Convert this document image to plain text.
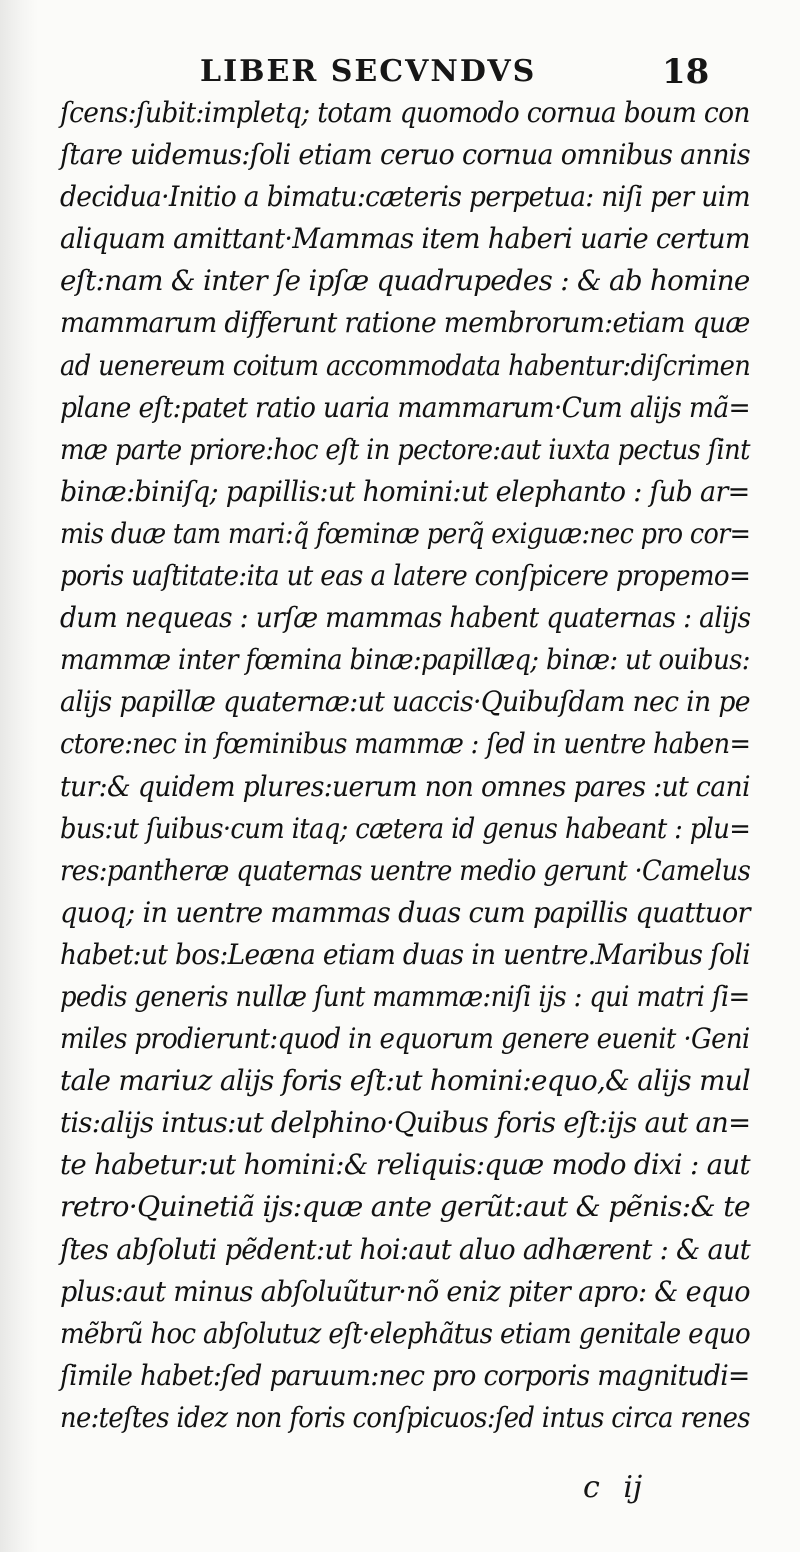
LIBER SECVNDVS	18
ſcens:ſubit:impletq; totam quomodo cornua boum con
ſtare uidemus:ſoli etiam ceruo cornua omnibus annis
decidua·Initio a bimatu:cæteris perpetua: niſi per uim
aliquam amittant·Mammas item haberi uarie certum
eſt:nam & inter ſe ipſæ quadrupedes : & ab homine
mammarum differunt ratione membrorum:etiam quæ
ad uenereum coitum accommodata habentur:diſcrimen
plane eſt:patet ratio uaria mammarum·Cum alijs mã=
mæ parte priore:hoc eſt in pectore:aut iuxta pectus ſint
binæ:biniſq; papillis:ut homini:ut elephanto : ſub ar=
mis duæ tam mari:q̃ fœminæ perq̃ exiguæ:nec pro cor=
poris uaſtitate:ita ut eas a latere conſpicere propemo=
dum nequeas : urſæ mammas habent quaternas : alijs
mammæ inter fœmina binæ:papillæq; binæ: ut ouibus:
alijs papillæ quaternæ:ut uaccis·Quibuſdam nec in pe
ctore:nec in fœminibus mammæ : ſed in uentre haben=
tur:& quidem plures:uerum non omnes pares :ut cani
bus:ut ſuibus·cum itaq; cætera id genus habeant : plu=
res:pantheræ quaternas uentre medio gerunt ·Camelus
quoq; in uentre mammas duas cum papillis quattuor
habet:ut bos:Leæna etiam duas in uentre.Maribus ſoli
pedis generis nullæ ſunt mammæ:niſi ijs : qui matri ſi=
miles prodierunt:quod in equorum genere euenit ·Geni
tale mariuz alijs foris eſt:ut homini:equo,& alijs mul
tis:alijs intus:ut delphino·Quibus foris eſt:ijs aut an=
te habetur:ut homini:& reliquis:quæ modo dixi : aut
retro·Quinetiã ijs:quæ ante gerũt:aut & pẽnis:& te
ſtes abſoluti pẽdent:ut hoi:aut aluo adhærent : & aut
plus:aut minus abſoluũtur·nõ eniz piter apro: & equo
mẽbrũ hoc abſolutuz eſt·elephãtus etiam genitale equo
ſimile habet:ſed paruum:nec pro corporis magnitudi=
ne:teſtes idez non foris conſpicuos:ſed intus circa renes
c ij
